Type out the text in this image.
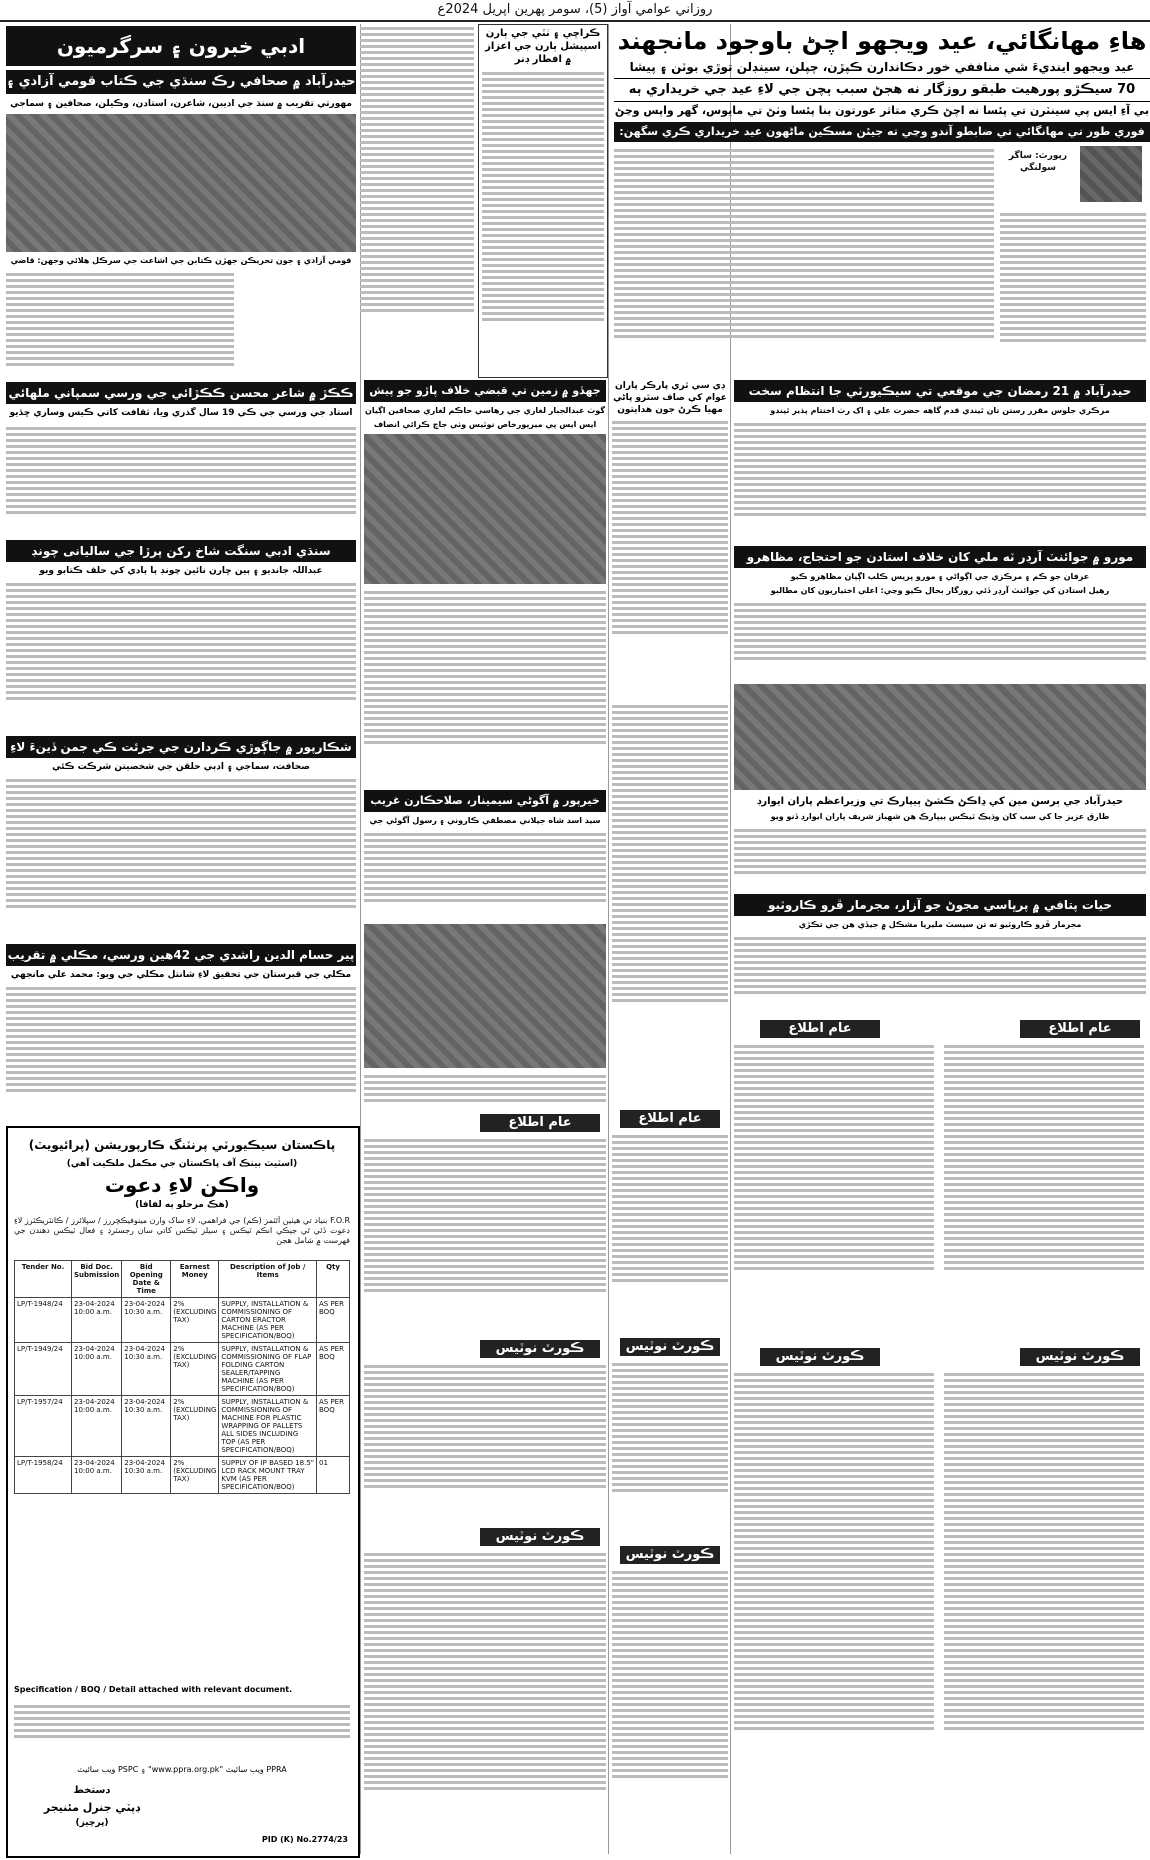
روزاني عوامي آواز (5)، سومر پهرين اپريل 2024ع
ھاءِ مھانگائي، عيد ويجھو اچڻ باوجود مانجھند
عيد ويجھو اينديءَ شي مناففي خور دڪاندارن ڪپڙن، چپلن، سينڊلن توڙي بوٽن ۽ پيشا
70 سيڪڙو پورهيت طبقو روزگار نه هجڻ سبب ٻچن جي لاءِ عيد جي خريداري ٻه
بي آءِ ايس پي سينٽرن تي پئسا نه اچڻ ڪري متاثر عورتون بنا پئسا وٺڻ تي مايوس، گهر واپس وڃڻ
فوري طور تي مھانگائي تي ضابطو آندو وڃي ته جيئن مسڪين ماڻهون عيد خريداري ڪري سگهن:
رپورٽ: ساگر سولنگي
ڪراچي ۽ ٺٽي جي ٻارن اسپيشل ٻارن جي اعزاز ۾ افطار ڊنر
ادبي خبرون ۽ سرگرميون
حيدرآباد ۾ صحافي رڪ سنڌي جي ڪتاب قومي آزادي ۽
مھورتي تقريب ۾ سنڌ جي اديبن، شاعرن، استادن، وڪيلن، صحافين ۽ سماجي
قومي آزادي ۽ جون تحريڪن جھڙن ڪتابن جي اشاعت جي سرڪل هلائي وجهن: قاضي
ڪڪڙ ۾ شاعر محسن ڪڪڙائي جي ورسي سمپاني ملهائي
استاد جي ورسي جي ڪي 19 سال گذري ويا، ثقافت کاتي ڪيس وساري ڇڏيو
سنڌي ادبي سنگت شاخ رکن پرڙا جي ساليانی چونڊ
عبداللہ جانديو ۽ ٻين ڇارن نائين چونڊ ٻا ٻادي کي حلف ڪتابو ويو
شڪارپور ۾ جاڳوڙي ڪردارن جي جرئت ڪي جمن ڏينءَ لاءِ
صحافت، سماجي ۽ ادبي حلقن جي شخصيتن شرڪت ڪئي
پير حسام الدين راشدي جي 42هين ورسي، مڪلي ۾ تقريب
مڪلي جي قبرستان جي تحقيق لاءِ شانتل مڪلي جي ويو: محمد علي مانجهي
پاڪستان سيڪيورٽي پرنٽنگ ڪارپوريشن (پرائيويٽ)
(اسٽيٽ بينڪ آف پاڪستان جي مڪمل ملڪيت آهي)
واڪن لاءِ دعوت
(هڪ مرحلو ٻه لفافا)
F.O.R بنياد تي هيٺين آئٽمز (ڪم) جي فراهمي، لاءِ ساک وارن مينوفيڪچررز / سپلائرز / ڪانٽريڪٽرز لاءِ دعوت ڏئي ٿي جيڪي انڪم ٽيڪس ۽ سيلز ٽيڪس کاتي سان رجسٽرڊ ۽ فعال ٽيڪس دهندن جي فهرست ۾ شامل هجن
Tender No.	Bid Doc. Submission	Bid Opening Date & Time	Earnest Money	Description of Job / Items	Qty
LP/T-1948/24	23-04-2024 10:00 a.m.	23-04-2024 10:30 a.m.	2% (EXCLUDING TAX)	SUPPLY, INSTALLATION & COMMISSIONING OF CARTON ERACTOR MACHINE (AS PER SPECIFICATION/BOQ)	AS PER BOQ
LP/T-1949/24	23-04-2024 10:00 a.m.	23-04-2024 10:30 a.m.	2% (EXCLUDING TAX)	SUPPLY, INSTALLATION & COMMISSIONING OF FLAP FOLDING CARTON SEALER/TAPPING MACHINE (AS PER SPECIFICATION/BOQ)	AS PER BOQ
LP/T-1957/24	23-04-2024 10:00 a.m.	23-04-2024 10:30 a.m.	2% (EXCLUDING TAX)	SUPPLY, INSTALLATION & COMMISSIONING OF MACHINE FOR PLASTIC WRAPPING OF PALLETS ALL SIDES INCLUDING TOP (AS PER SPECIFICATION/BOQ)	AS PER BOQ
LP/T-1958/24	23-04-2024 10:00 a.m.	23-04-2024 10:30 a.m.	2% (EXCLUDING TAX)	SUPPLY OF IP BASED 18.5" LCD RACK MOUNT TRAY KVM (AS PER SPECIFICATION/BOQ)	01
Specification / BOQ / Detail attached with relevant document.
PPRA ويب سائيٽ "www.ppra.org.pk" ۽ PSPC ويب سائيٽ
دستخط
ڊپٽي جنرل مئنيجر
(پرچيز)
PID (K) No.2774/23
جهڏو ۾ زمين تي قبضي خلاف پاڙو جو پيش
گوٺ عبدالجبار لغاري جي رهاسي حاڪم لغاري صحافين اڳيان
ايس ايس پي ميرپورخاص نوٽيس وٺي جاچ ڪرائي انصاف
خيرپور ۾ آگوڻي سيمينار، صلاحڪارن غريب
سيد اسد شاه جيلاني مصطفي ڪاروني ۽ رسول آگوڻي جي
عام اطلاع
ڪورٽ نوٽيس
ڪورٽ نوٽيس
ڊي سي ٿري پارڪر پاران عوام کي صاف سٿرو پاڻي مهيا ڪرڻ جون هدايتون
عام اطلاع
ڪورٽ نوٽيس
ڪورٽ نوٽيس
حيدرآباد ۾ 21 رمضان جي موقعي تي سيڪيورٽي جا انتظام سخت
مرڪزي جلوس مقرر رستن تان ٿيندي قدم گاهه حضرت علي ۽ اک رٺ اختتام پذير ٿيندو
مورو ۾ جوائنٽ آرڊر ٽه ملي کان خلاف استادن جو احتجاج، مظاهرو
عرفان جو ڪم ۽ مرڪزي جي اڳواڻي ۽ مورو پريس ڪلب اڳيان مظاهرو ڪيو
رهيل استادن کي جوائنٽ آرڊر ڏئي روزگار بحال ڪيو وڃي: اعلي اختياريون کان مطالبو
حيدرآباد جي ٻرسن مين کي ڍاڪڻ ڪشڻ ٻيپارڪ تي وزيراعظم پاران ايوارڊ
طارق عزيز جا کي سب کان وڌيڪ ٽيڪس ٻيپارڪ هن شهباز شريف پاران ايوارڊ ڏنو ويو
حيات پتافي ۾ پرڀاسي مجوڻ جو آزار، مجرمار ڦرو ڪاروٽيو
مجرمار ڦرو ڪاروٽيو ته تن سيسٽ مليريا مشڪل ۾ جيڏي هن جي تڪڙي
عام اطلاع	عام اطلاع
ڪورٽ نوٽيس	ڪورٽ نوٽيس
